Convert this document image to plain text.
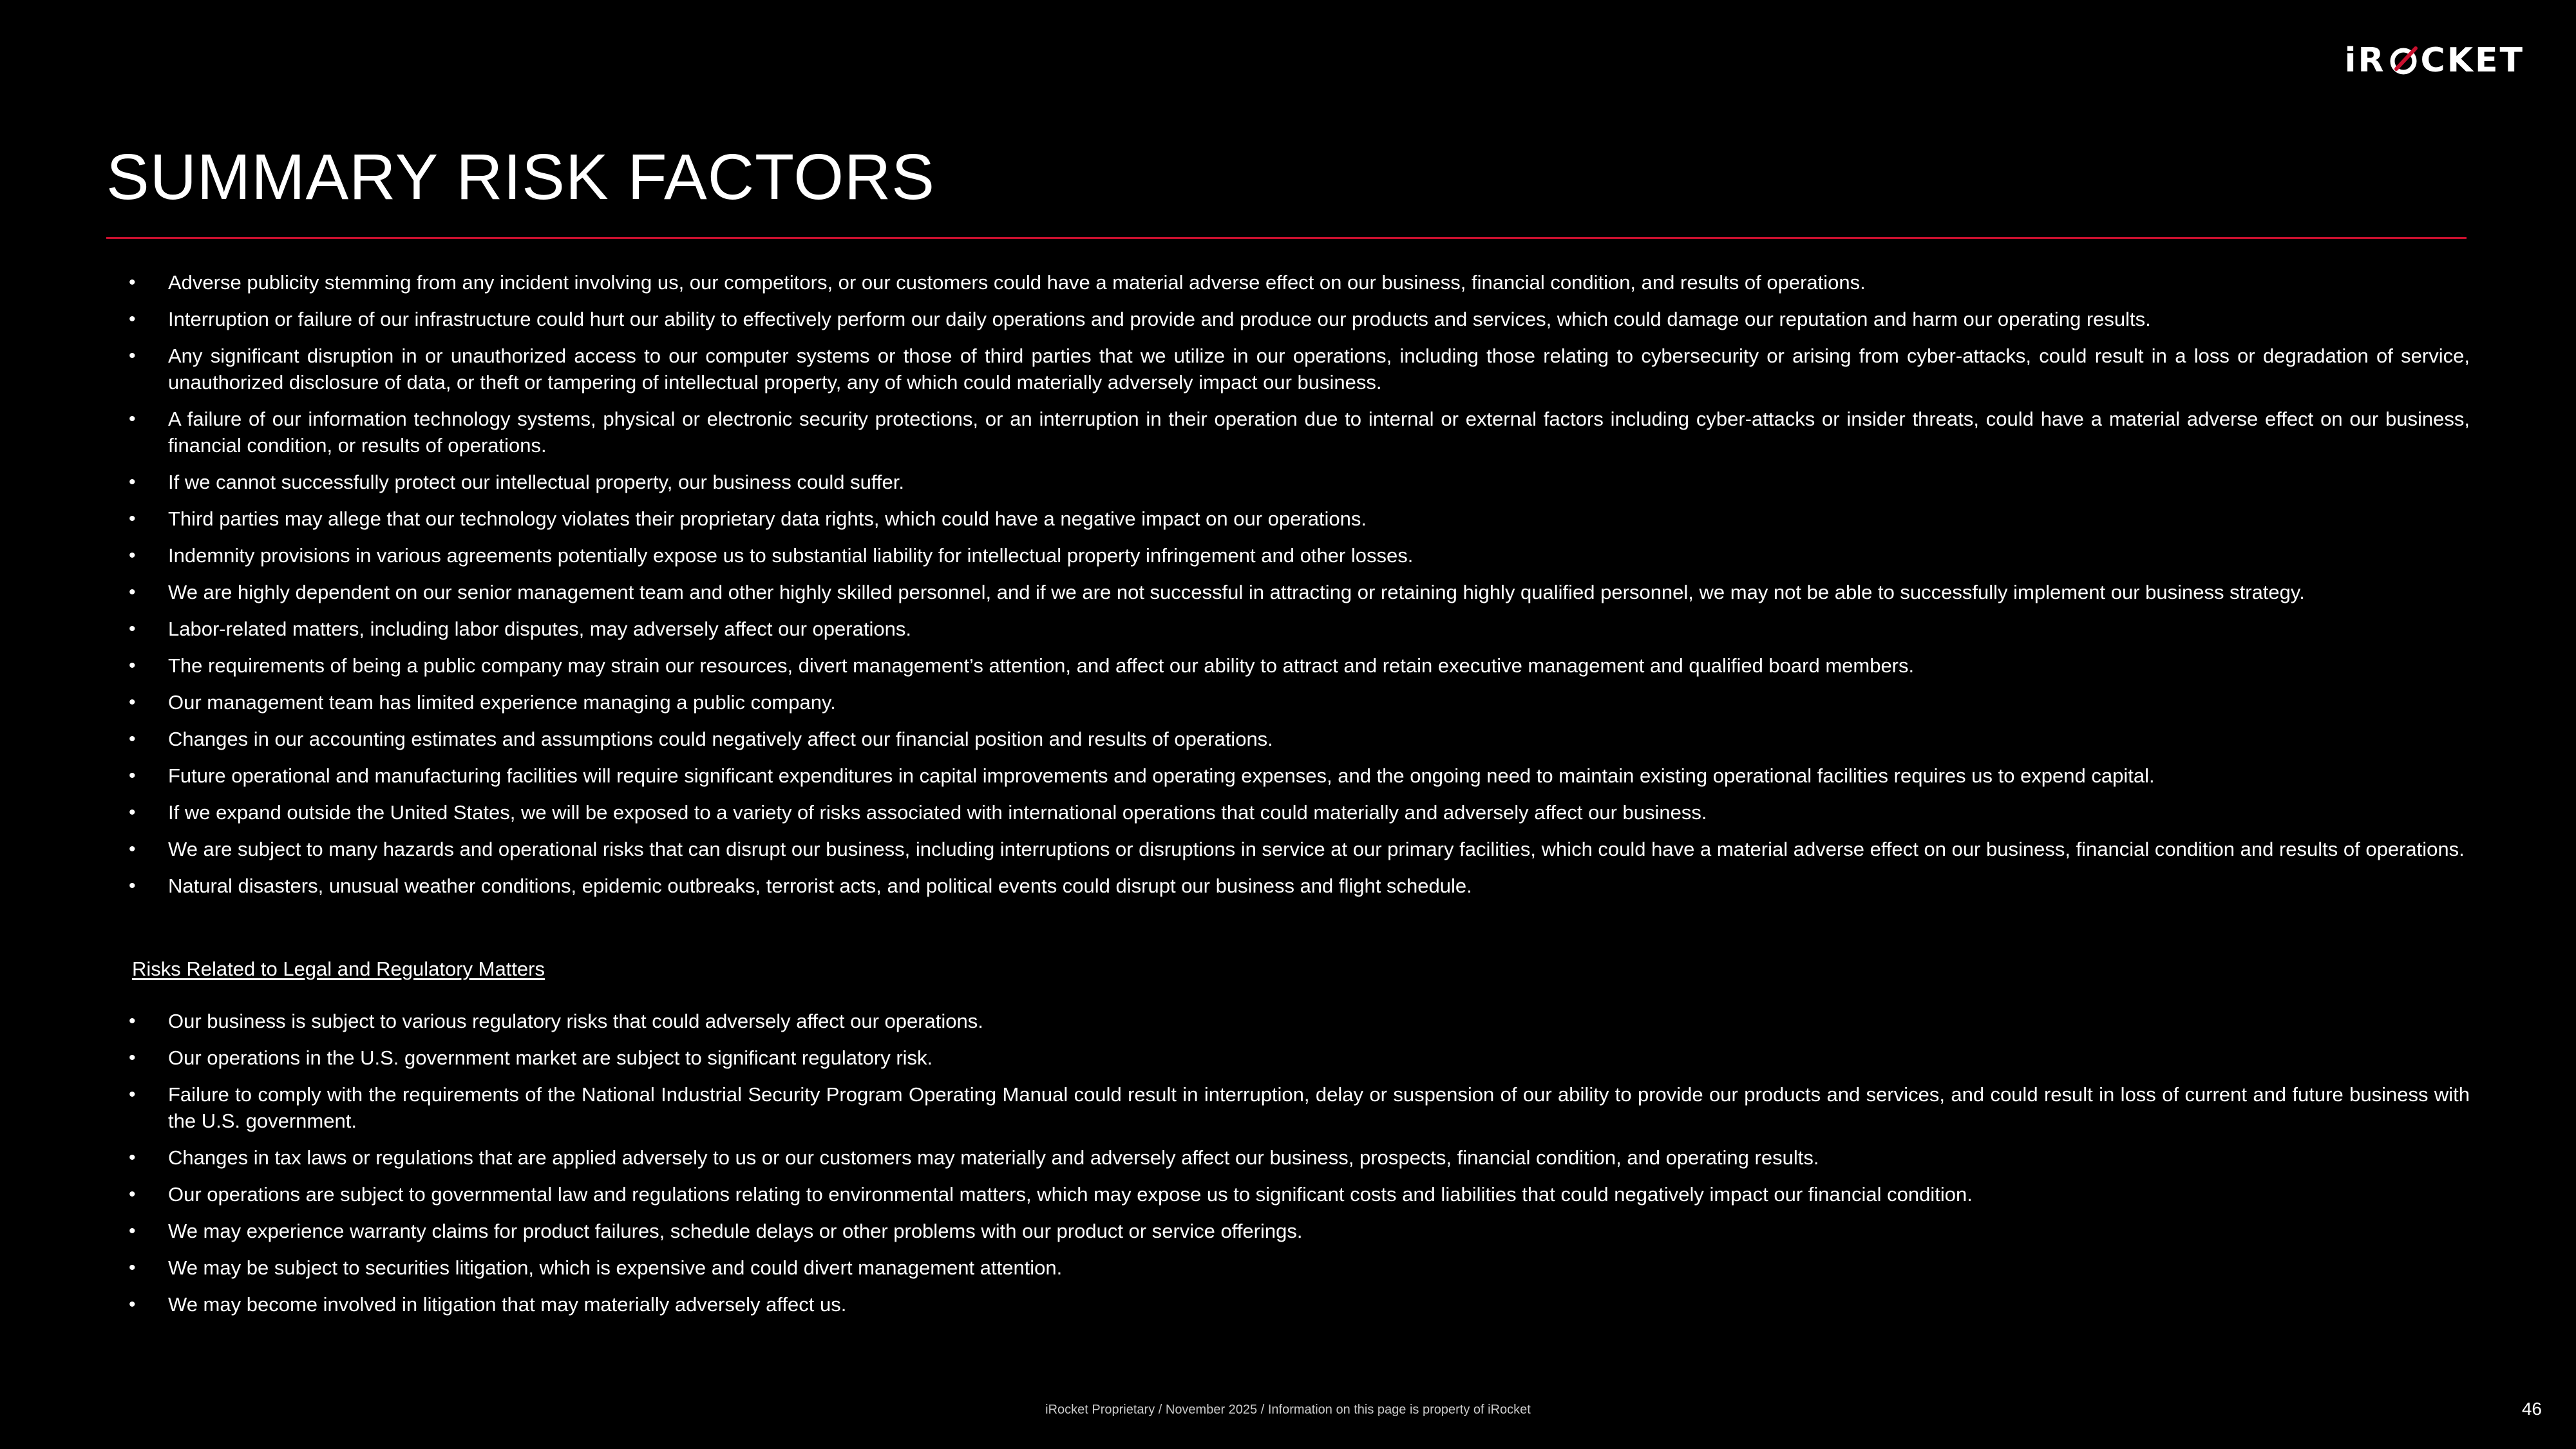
iR CKET
SUMMARY RISK FACTORS
• Adverse publicity stemming from any incident involving us, our competitors, or our customers could have a material adverse effect on our business, financial condition, and results of operations.
• Interruption or failure of our infrastructure could hurt our ability to effectively perform our daily operations and provide and produce our products and services, which could damage our reputation and harm our operating results.
• Any significant disruption in or unauthorized access to our computer systems or those of third parties that we utilize in our operations, including those relating to cybersecurity or arising from cyber-attacks, could result in a loss or degradation of service, unauthorized disclosure of data, or theft or tampering of intellectual property, any of which could materially adversely impact our business.
• A failure of our information technology systems, physical or electronic security protections, or an interruption in their operation due to internal or external factors including cyber-attacks or insider threats, could have a material adverse effect on our business, financial condition, or results of operations.
• If we cannot successfully protect our intellectual property, our business could suffer.
• Third parties may allege that our technology violates their proprietary data rights, which could have a negative impact on our operations.
• Indemnity provisions in various agreements potentially expose us to substantial liability for intellectual property infringement and other losses.
• We are highly dependent on our senior management team and other highly skilled personnel, and if we are not successful in attracting or retaining highly qualified personnel, we may not be able to successfully implement our business strategy.
• Labor-related matters, including labor disputes, may adversely affect our operations.
• The requirements of being a public company may strain our resources, divert management’s attention, and affect our ability to attract and retain executive management and qualified board members.
• Our management team has limited experience managing a public company.
• Changes in our accounting estimates and assumptions could negatively affect our financial position and results of operations.
• Future operational and manufacturing facilities will require significant expenditures in capital improvements and operating expenses, and the ongoing need to maintain existing operational facilities requires us to expend capital.
• If we expand outside the United States, we will be exposed to a variety of risks associated with international operations that could materially and adversely affect our business.
• We are subject to many hazards and operational risks that can disrupt our business, including interruptions or disruptions in service at our primary facilities, which could have a material adverse effect on our business, financial condition and results of operations.
• Natural disasters, unusual weather conditions, epidemic outbreaks, terrorist acts, and political events could disrupt our business and flight schedule.
Risks Related to Legal and Regulatory Matters
• Our business is subject to various regulatory risks that could adversely affect our operations.
• Our operations in the U.S. government market are subject to significant regulatory risk.
• Failure to comply with the requirements of the National Industrial Security Program Operating Manual could result in interruption, delay or suspension of our ability to provide our products and services, and could result in loss of current and future business with the U.S. government.
• Changes in tax laws or regulations that are applied adversely to us or our customers may materially and adversely affect our business, prospects, financial condition, and operating results.
• Our operations are subject to governmental law and regulations relating to environmental matters, which may expose us to significant costs and liabilities that could negatively impact our financial condition.
• We may experience warranty claims for product failures, schedule delays or other problems with our product or service offerings.
• We may be subject to securities litigation, which is expensive and could divert management attention.
• We may become involved in litigation that may materially adversely affect us.
iRocket Proprietary / November 2025 / Information on this page is property of iRocket	46
